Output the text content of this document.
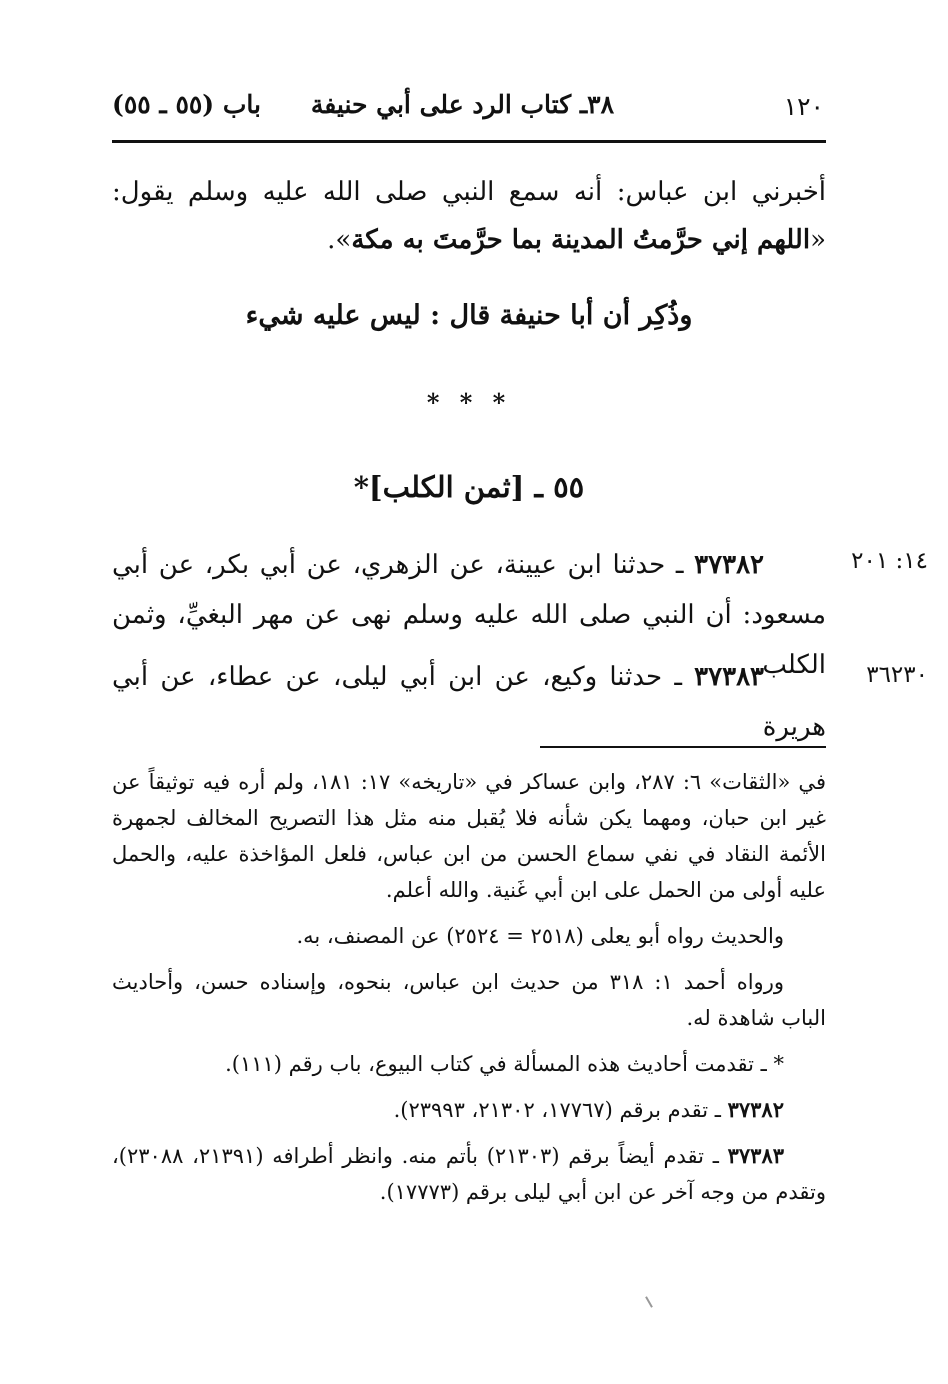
١٢٠
٣٨ـ كتاب الرد على أبي حنيفة
باب (٥٥ ـ ٥٥)
أخبرني ابن عباس: أنه سمع النبي صلى الله عليه وسلم يقول: «اللهم إني حرَّمتُ المدينة بما حرَّمتَ به مكة».
وذُكِر أن أبا حنيفة قال : ليس عليه شيء
* * *
٥٥ ـ [ثمن الكلب]*
١٤: ٢٠١
٣٧٣٨٢ ـ حدثنا ابن عيينة، عن الزهري، عن أبي بكر، عن أبي مسعود: أن النبي صلى الله عليه وسلم نهى عن مهر البغيِّ، وثمن الكلب.	٣٦٢٣٠
٣٧٣٨٣ ـ حدثنا وكيع، عن ابن أبي ليلى، عن عطاء، عن أبي هريرة

في «الثقات» ٦: ٢٨٧، وابن عساكر في «تاريخه» ١٧: ١٨١، ولم أره فيه توثيقاً عن غير ابن حبان، ومهما يكن شأنه فلا يُقبل منه مثل هذا التصريح المخالف لجمهرة الأئمة النقاد في نفي سماع الحسن من ابن عباس، فلعل المؤاخذة عليه، والحمل عليه أولى من الحمل على ابن أبي غَنية. والله أعلم.

والحديث رواه أبو يعلى (٢٥١٨ = ٢٥٢٤) عن المصنف، به.

ورواه أحمد ١: ٣١٨ من حديث ابن عباس، بنحوه، وإسناده حسن، وأحاديث الباب شاهدة له.

* ـ تقدمت أحاديث هذه المسألة في كتاب البيوع، باب رقم (١١١).

٣٧٣٨٢ ـ تقدم برقم (١٧٧٦٧، ٢١٣٠٢، ٢٣٩٩٣).

٣٧٣٨٣ ـ تقدم أيضاً برقم (٢١٣٠٣) بأتم منه. وانظر أطرافه (٢١٣٩١، ٢٣٠٨٨)، وتقدم من وجه آخر عن ابن أبي ليلى برقم (١٧٧٧٣).
